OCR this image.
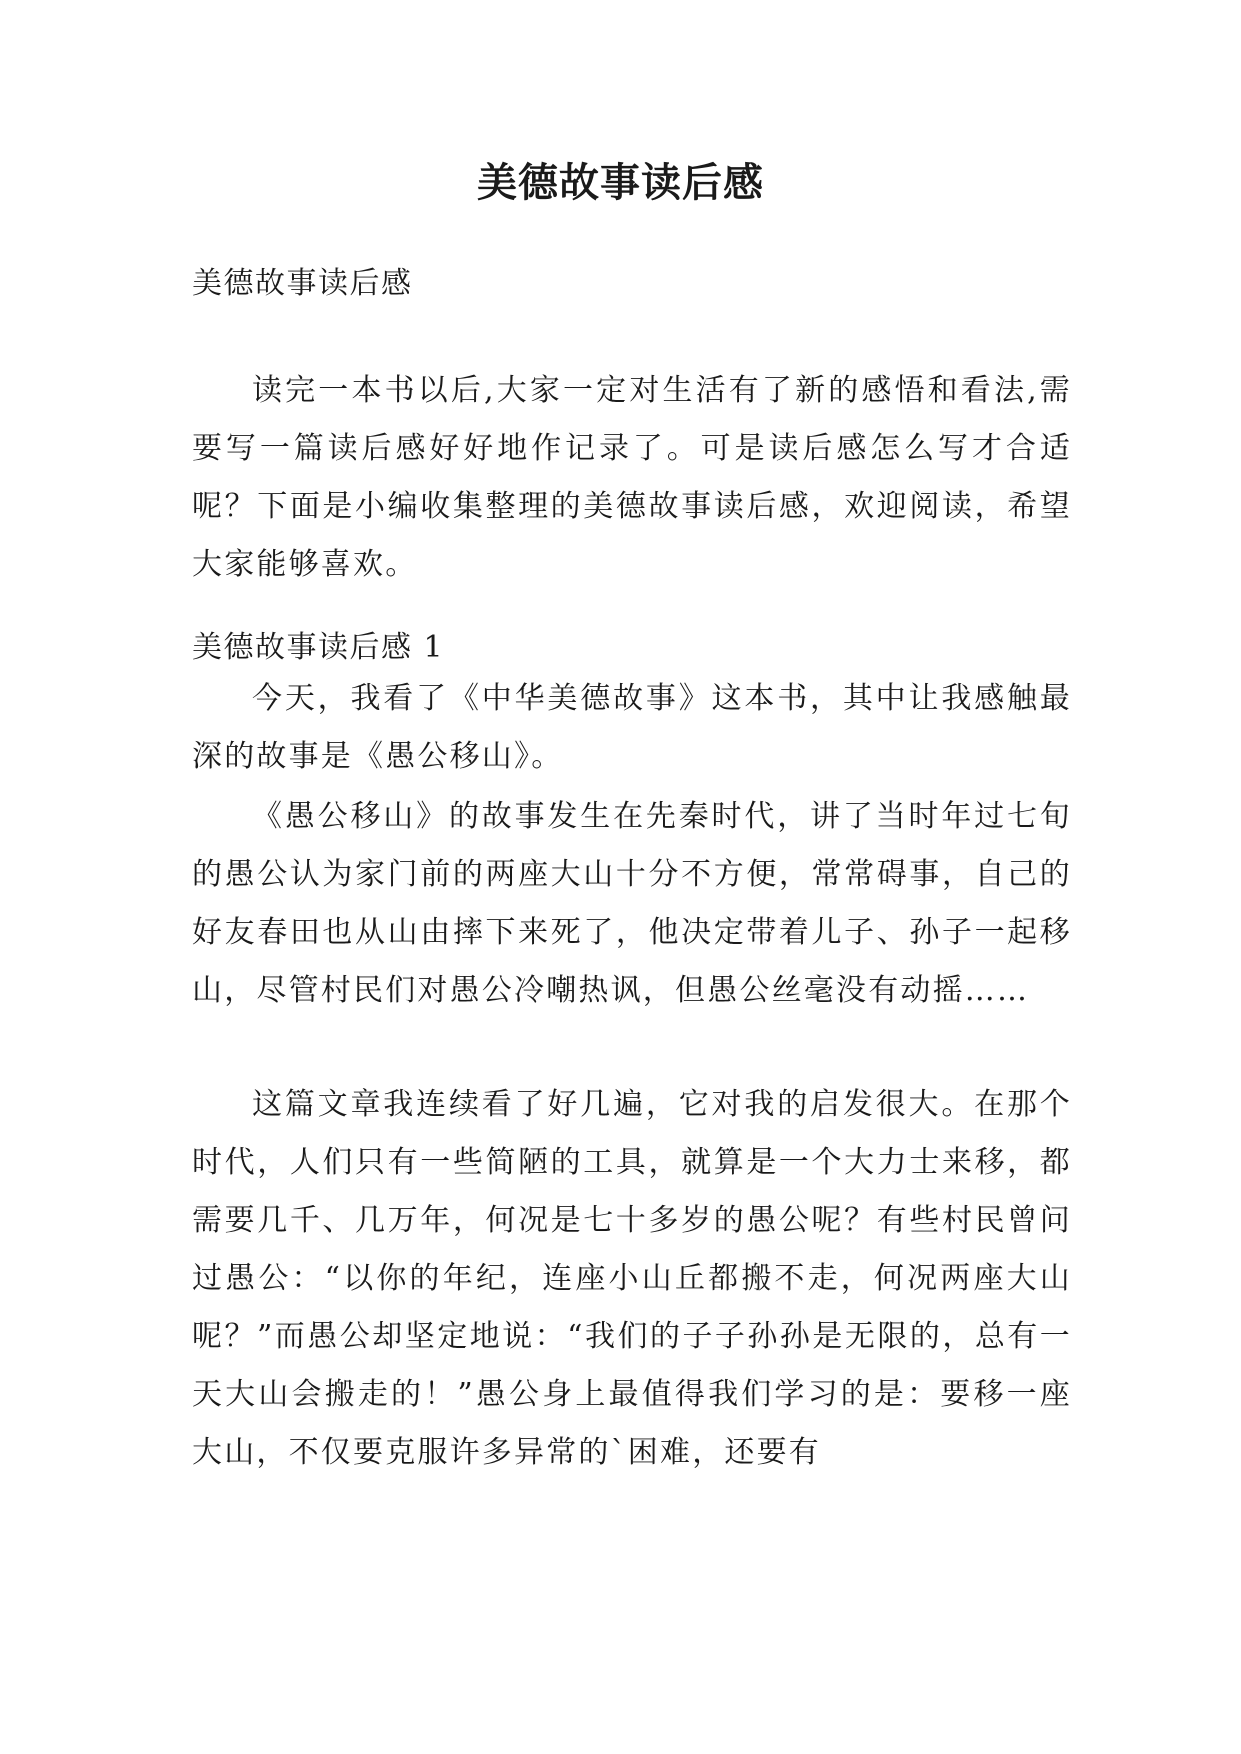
美德故事读后感

美德故事读后感

读完一本书以后,大家一定对生活有了新的感悟和看法,需要写一篇读后感好好地作记录了。可是读后感怎么写才合适呢？下面是小编收集整理的美德故事读后感，欢迎阅读，希望大家能够喜欢。

美德故事读后感 1

今天，我看了《中华美德故事》这本书，其中让我感触最深的故事是《愚公移山》。

《愚公移山》的故事发生在先秦时代，讲了当时年过七旬的愚公认为家门前的两座大山十分不方便，常常碍事，自己的好友春田也从山由摔下来死了，他决定带着儿子、孙子一起移山，尽管村民们对愚公冷嘲热讽，但愚公丝毫没有动摇……

这篇文章我连续看了好几遍，它对我的启发很大。在那个时代，人们只有一些简陋的工具，就算是一个大力士来移，都需要几千、几万年，何况是七十多岁的愚公呢？有些村民曾问过愚公：“以你的年纪，连座小山丘都搬不走，何况两座大山呢？”而愚公却坚定地说：“我们的子子孙孙是无限的，总有一天大山会搬走的！”愚公身上最值得我们学习的是：要移一座大山，不仅要克服许多异常的`困难，还要有
